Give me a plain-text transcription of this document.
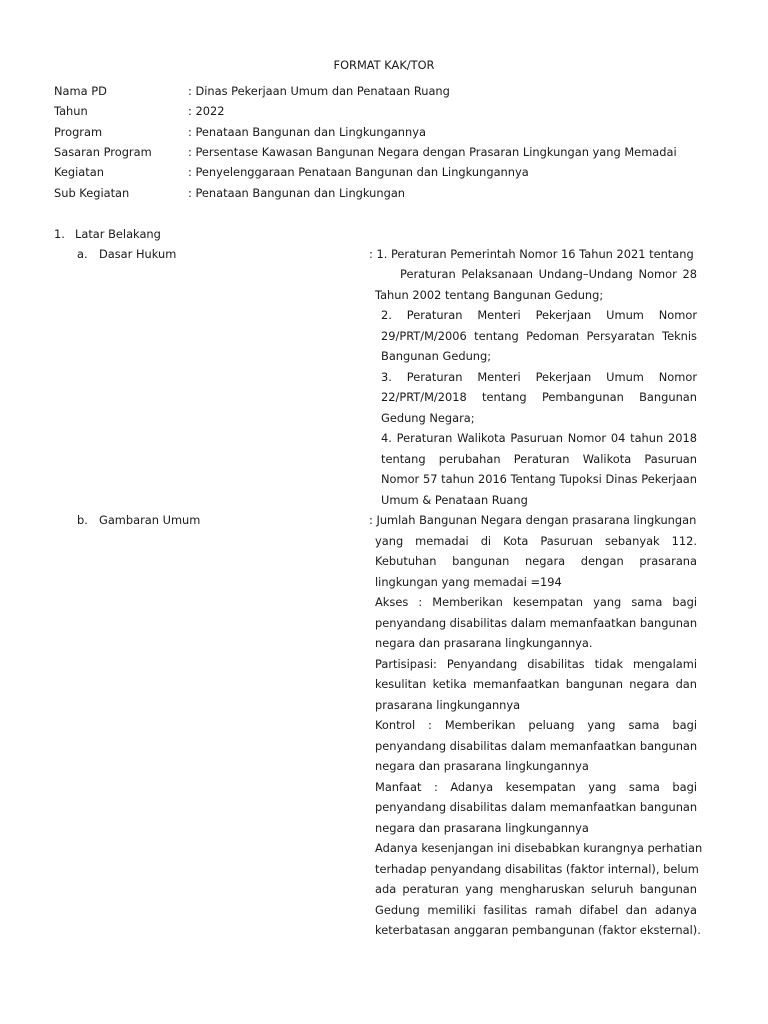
FORMAT KAK/TOR
Nama PD	: Dinas Pekerjaan Umum dan Penataan Ruang
Tahun	: 2022
Program	: Penataan Bangunan dan Lingkungannya
Sasaran Program	: Persentase Kawasan Bangunan Negara dengan Prasaran Lingkungan yang Memadai
Kegiatan	: Penyelenggaraan Penataan Bangunan dan Lingkungannya
Sub Kegiatan	: Penataan Bangunan dan Lingkungan
1. Latar Belakang
a. Dasar Hukum	: 1. Peraturan Pemerintah Nomor 16 Tahun 2021 tentang
Peraturan Pelaksanaan Undang–Undang Nomor 28
Tahun 2002 tentang Bangunan Gedung;
2. Peraturan Menteri Pekerjaan Umum Nomor
29/PRT/M/2006 tentang Pedoman Persyaratan Teknis
Bangunan Gedung;
3. Peraturan Menteri Pekerjaan Umum Nomor
22/PRT/M/2018 tentang Pembangunan Bangunan
Gedung Negara;
4. Peraturan Walikota Pasuruan Nomor 04 tahun 2018
tentang perubahan Peraturan Walikota Pasuruan
Nomor 57 tahun 2016 Tentang Tupoksi Dinas Pekerjaan
Umum & Penataan Ruang
b. Gambaran Umum	: Jumlah Bangunan Negara dengan prasarana lingkungan
yang memadai di Kota Pasuruan sebanyak 112.
Kebutuhan bangunan negara dengan prasarana
lingkungan yang memadai =194
Akses : Memberikan kesempatan yang sama bagi
penyandang disabilitas dalam memanfaatkan bangunan
negara dan prasarana lingkungannya.
Partisipasi: Penyandang disabilitas tidak mengalami
kesulitan ketika memanfaatkan bangunan negara dan
prasarana lingkungannya
Kontrol : Memberikan peluang yang sama bagi
penyandang disabilitas dalam memanfaatkan bangunan
negara dan prasarana lingkungannya
Manfaat : Adanya kesempatan yang sama bagi
penyandang disabilitas dalam memanfaatkan bangunan
negara dan prasarana lingkungannya
Adanya kesenjangan ini disebabkan kurangnya perhatian
terhadap penyandang disabilitas (faktor internal), belum
ada peraturan yang mengharuskan seluruh bangunan
Gedung memiliki fasilitas ramah difabel dan adanya
keterbatasan anggaran pembangunan (faktor eksternal).
